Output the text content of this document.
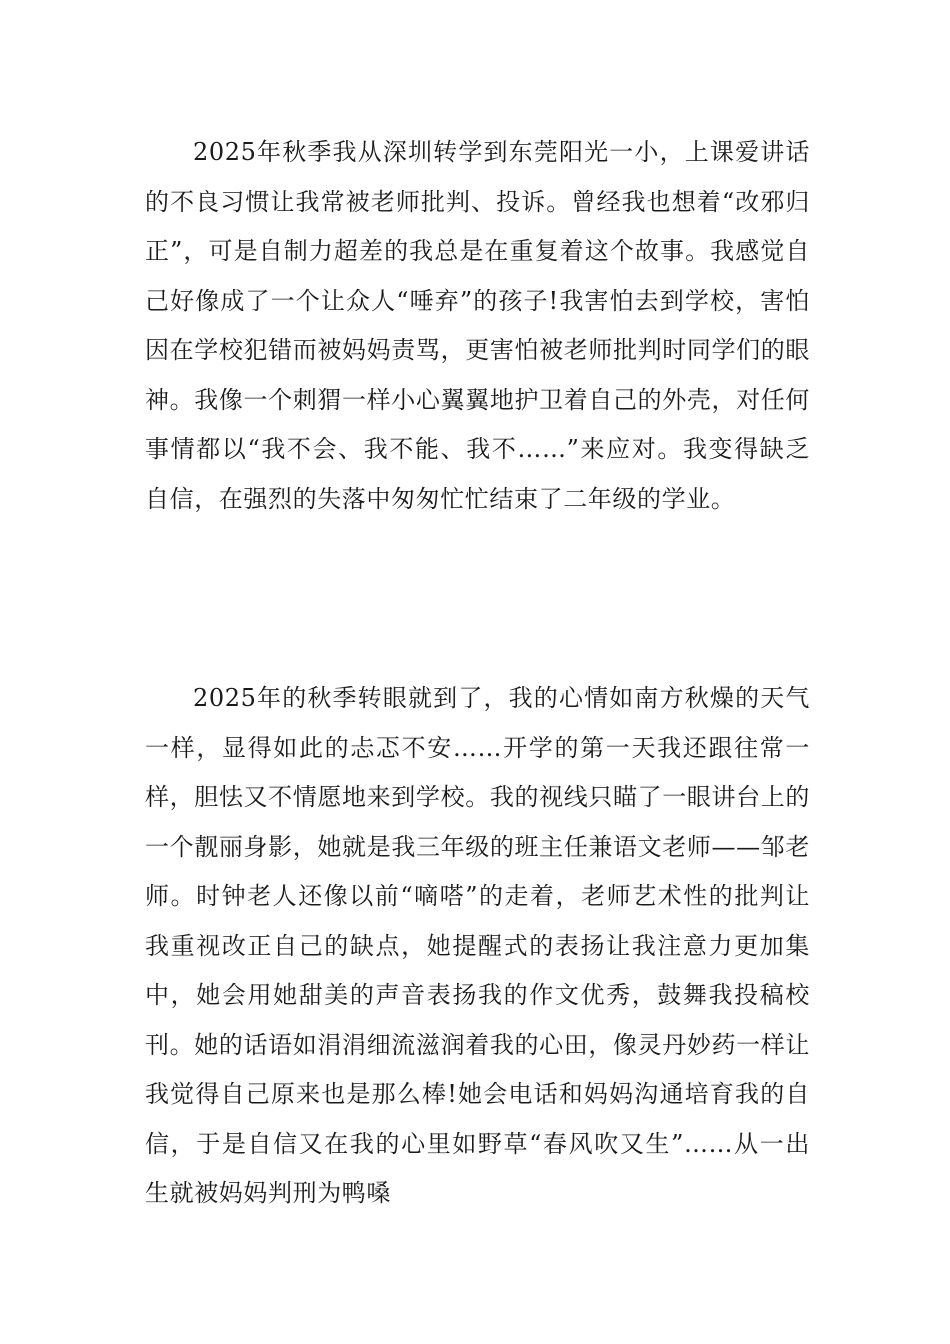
2025年秋季我从深圳转学到东莞阳光一小，上课爱讲话的不良习惯让我常被老师批判、投诉。曾经我也想着“改邪归正”，可是自制力超差的我总是在重复着这个故事。我感觉自己好像成了一个让众人“唾弃”的孩子!我害怕去到学校，害怕因在学校犯错而被妈妈责骂，更害怕被老师批判时同学们的眼神。我像一个刺猬一样小心翼翼地护卫着自己的外壳，对任何事情都以“我不会、我不能、我不……”来应对。我变得缺乏自信，在强烈的失落中匆匆忙忙结束了二年级的学业。

2025年的秋季转眼就到了，我的心情如南方秋燥的天气一样，显得如此的忐忑不安……开学的第一天我还跟往常一样，胆怯又不情愿地来到学校。我的视线只瞄了一眼讲台上的一个靓丽身影，她就是我三年级的班主任兼语文老师——邹老师。时钟老人还像以前“嘀嗒”的走着，老师艺术性的批判让我重视改正自己的缺点，她提醒式的表扬让我注意力更加集中，她会用她甜美的声音表扬我的作文优秀，鼓舞我投稿校刊。她的话语如涓涓细流滋润着我的心田，像灵丹妙药一样让我觉得自己原来也是那么棒!她会电话和妈妈沟通培育我的自信，于是自信又在我的心里如野草“春风吹又生”……从一出生就被妈妈判刑为鸭嗓
